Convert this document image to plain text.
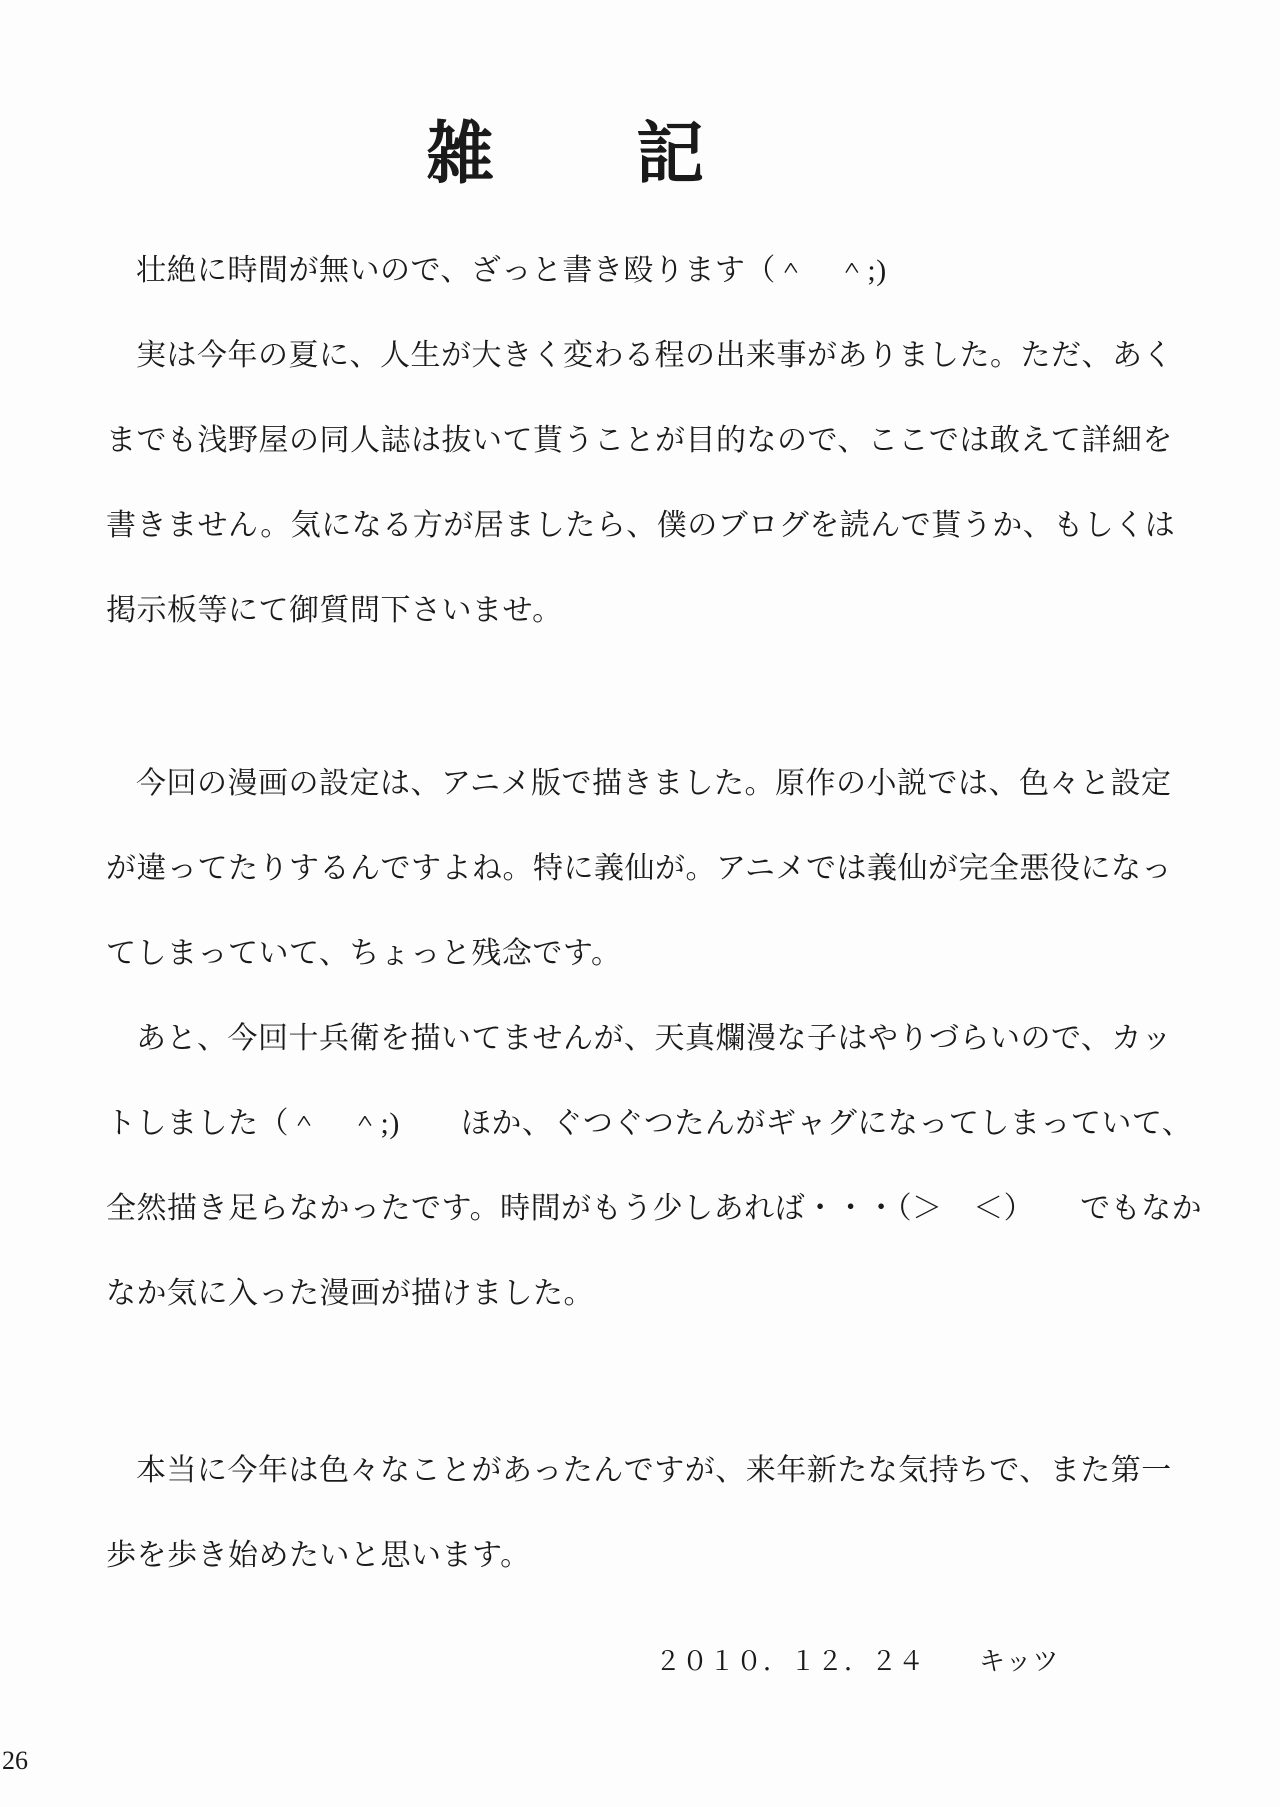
雑　　記
壮絶に時間が無いので、ざっと書き殴ります（＾　＾;)
実は今年の夏に、人生が大きく変わる程の出来事がありました。ただ、あく
までも浅野屋の同人誌は抜いて貰うことが目的なので、ここでは敢えて詳細を
書きません。気になる方が居ましたら、僕のブログを読んで貰うか、もしくは
掲示板等にて御質問下さいませ。
今回の漫画の設定は、アニメ版で描きました。原作の小説では、色々と設定
が違ってたりするんですよね。特に義仙が。アニメでは義仙が完全悪役になっ
てしまっていて、ちょっと残念です。
あと、今回十兵衛を描いてませんが、天真爛漫な子はやりづらいので、カッ
トしました（＾　＾;)　　ほか、ぐつぐつたんがギャグになってしまっていて、
全然描き足らなかったです。時間がもう少しあれば・・・（＞　＜）　　でもなか
なか気に入った漫画が描けました。
本当に今年は色々なことがあったんですが、来年新たな気持ちで、また第一
歩を歩き始めたいと思います。
２０１０．１２．２４　　キッツ
26
